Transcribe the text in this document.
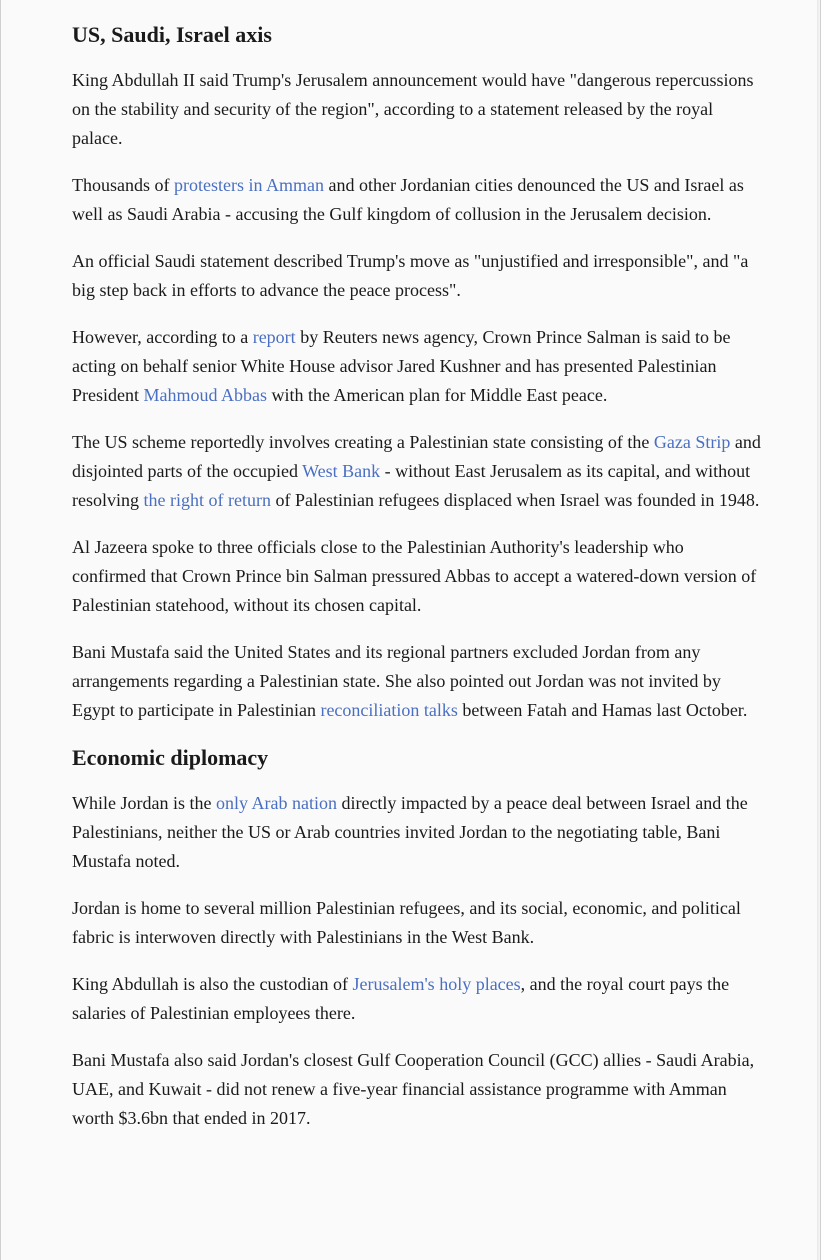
US, Saudi, Israel axis

King Abdullah II said Trump's Jerusalem announcement would have "dangerous repercussions on the stability and security of the region", according to a statement released by the royal palace.

Thousands of protesters in Amman and other Jordanian cities denounced the US and Israel as well as Saudi Arabia - accusing the Gulf kingdom of collusion in the Jerusalem decision.

An official Saudi statement described Trump's move as "unjustified and irresponsible", and "a big step back in efforts to advance the peace process".

However, according to a report by Reuters news agency, Crown Prince Salman is said to be acting on behalf senior White House advisor Jared Kushner and has presented Palestinian President Mahmoud Abbas with the American plan for Middle East peace.

The US scheme reportedly involves creating a Palestinian state consisting of the Gaza Strip and disjointed parts of the occupied West Bank - without East Jerusalem as its capital, and without resolving the right of return of Palestinian refugees displaced when Israel was founded in 1948.

Al Jazeera spoke to three officials close to the Palestinian Authority's leadership who confirmed that Crown Prince bin Salman pressured Abbas to accept a watered-down version of Palestinian statehood, without its chosen capital.

Bani Mustafa said the United States and its regional partners excluded Jordan from any arrangements regarding a Palestinian state. She also pointed out Jordan was not invited by Egypt to participate in Palestinian reconciliation talks between Fatah and Hamas last October.

Economic diplomacy

While Jordan is the only Arab nation directly impacted by a peace deal between Israel and the Palestinians, neither the US or Arab countries invited Jordan to the negotiating table, Bani Mustafa noted.

Jordan is home to several million Palestinian refugees, and its social, economic, and political fabric is interwoven directly with Palestinians in the West Bank.

King Abdullah is also the custodian of Jerusalem's holy places, and the royal court pays the salaries of Palestinian employees there.

Bani Mustafa also said Jordan's closest Gulf Cooperation Council (GCC) allies - Saudi Arabia, UAE, and Kuwait - did not renew a five-year financial assistance programme with Amman worth $3.6bn that ended in 2017.
